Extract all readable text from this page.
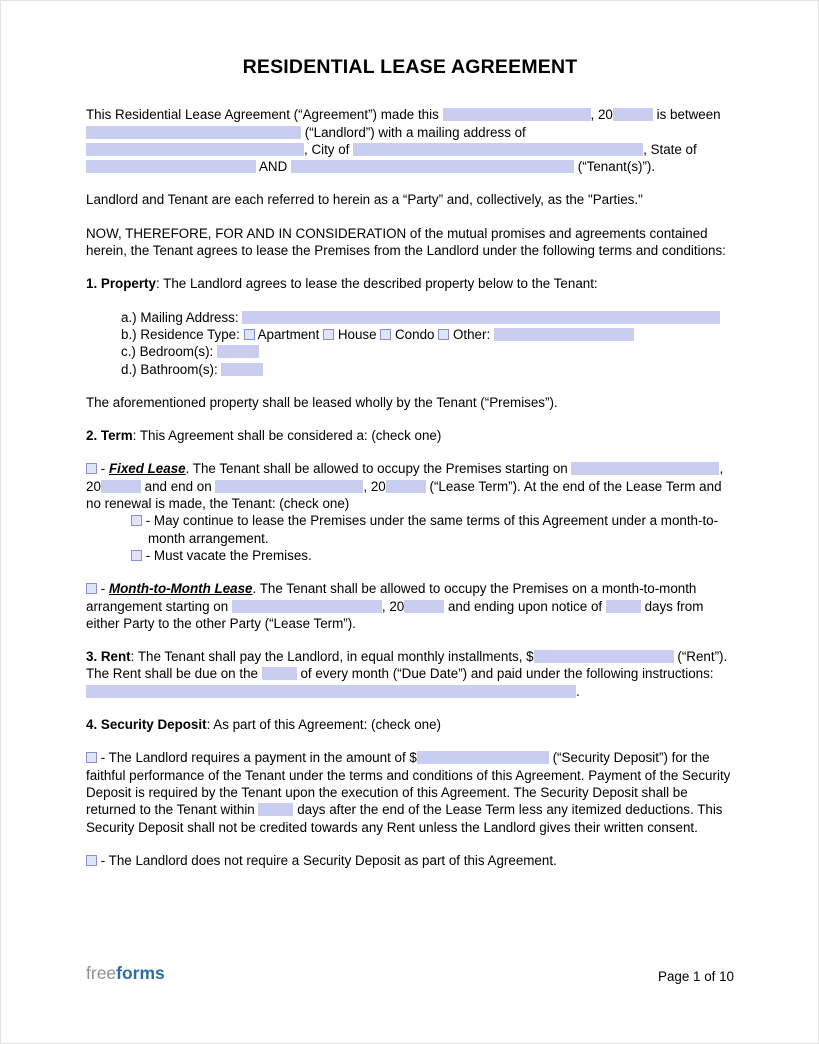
RESIDENTIAL LEASE AGREEMENT

This Residential Lease Agreement (“Agreement”) made this	, 20	is between  (“Landlord”) with a mailing address of , City of	, State of  AND	(“Tenant(s)”).

Landlord and Tenant are each referred to herein as a “Party” and, collectively, as the "Parties."

NOW, THEREFORE, FOR AND IN CONSIDERATION of the mutual promises and agreements contained herein, the Tenant agrees to lease the Premises from the Landlord under the following terms and conditions:

1. Property: The Landlord agrees to lease the described property below to the Tenant:

a.) Mailing Address:
b.) Residence Type: Apartment House Condo Other:
c.) Bedroom(s):
d.) Bathroom(s):

The aforementioned property shall be leased wholly by the Tenant (“Premises”).

2. Term: This Agreement shall be considered a: (check one)

- Fixed Lease. The Tenant shall be allowed to occupy the Premises starting on	, 20	and end on	, 20	(“Lease Term”). At the end of the Lease Term and no renewal is made, the Tenant: (check one)

- May continue to lease the Premises under the same terms of this Agreement under a month-to-month arrangement.
- Must vacate the Premises.

- Month-to-Month Lease. The Tenant shall be allowed to occupy the Premises on a month-to-month arrangement starting on	, 20	and ending upon notice of	days from either Party to the other Party (“Lease Term”).

3. Rent: The Tenant shall pay the Landlord, in equal monthly installments, $	(“Rent”). The Rent shall be due on the	of every month (“Due Date”) and paid under the following instructions: .

4. Security Deposit: As part of this Agreement: (check one)

- The Landlord requires a payment in the amount of $	(“Security Deposit”) for the faithful performance of the Tenant under the terms and conditions of this Agreement. Payment of the Security Deposit is required by the Tenant upon the execution of this Agreement. The Security Deposit shall be returned to the Tenant within	days after the end of the Lease Term less any itemized deductions. This Security Deposit shall not be credited towards any Rent unless the Landlord gives their written consent.

- The Landlord does not require a Security Deposit as part of this Agreement.

freeforms	Page 1 of 10
